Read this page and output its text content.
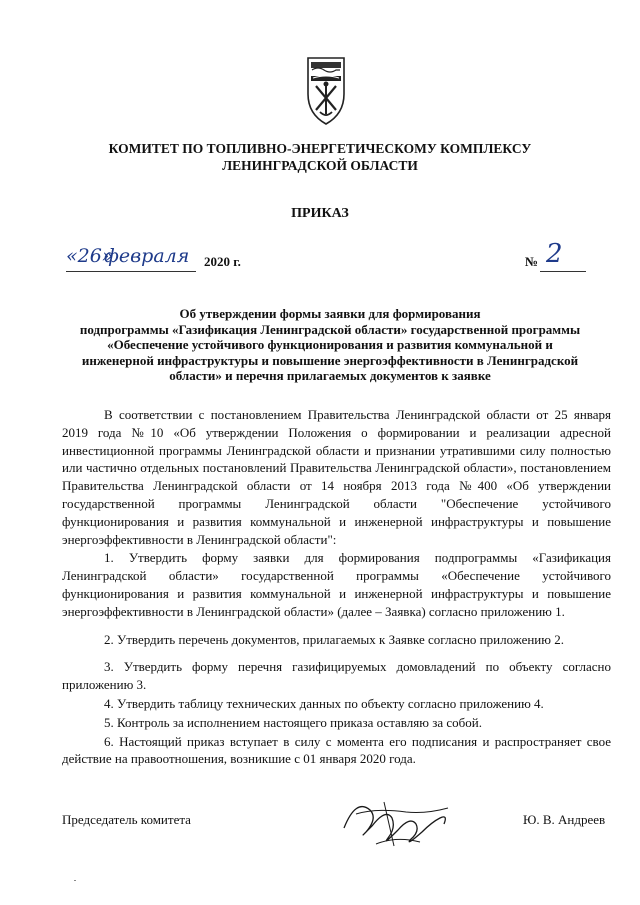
КОМИТЕТ ПО ТОПЛИВНО-ЭНЕРГЕТИЧЕСКОМУ КОМПЛЕКСУ
ЛЕНИНГРАДСКОЙ ОБЛАСТИ
ПРИКАЗ
«26»
февраля 2020 г.	№ 2
Об утверждении формы заявки для формирования
подпрограммы «Газификация Ленинградской области» государственной программы
«Обеспечение устойчивого функционирования и развития коммунальной и
инженерной инфраструктуры и повышение энергоэффективности в Ленинградской
области» и перечня прилагаемых документов к заявке

В соответствии с постановлением Правительства Ленинградской области от 25 января 2019 года №10 «Об утверждении Положения о формировании и реализации адресной инвестиционной программы Ленинградской области и признании утратившими силу полностью или частично отдельных постановлений Правительства Ленинградской области», постановлением Правительства Ленинградской области от 14 ноября 2013 года №400 «Об утверждении государственной программы Ленинградской области "Обеспечение устойчивого функционирования и развития коммунальной и инженерной инфраструктуры и повышение энергоэффективности в Ленинградской области":

1. Утвердить форму заявки для формирования подпрограммы «Газификация Ленинградской области» государственной программы «Обеспечение устойчивого функционирования и развития коммунальной и инженерной инфраструктуры и повышение энергоэффективности в Ленинградской области» (далее – Заявка) согласно приложению 1.

2. Утвердить перечень документов, прилагаемых к Заявке согласно приложению 2.

3. Утвердить форму перечня газифицируемых домовладений по объекту согласно приложению 3.

4. Утвердить таблицу технических данных по объекту согласно приложению 4.

5. Контроль за исполнением настоящего приказа оставляю за собой.

6. Настоящий приказ вступает в силу с момента его подписания и распространяет свое действие на правоотношения, возникшие с 01 января 2020 года.

Председатель комитета	Ю. В. Андреев
